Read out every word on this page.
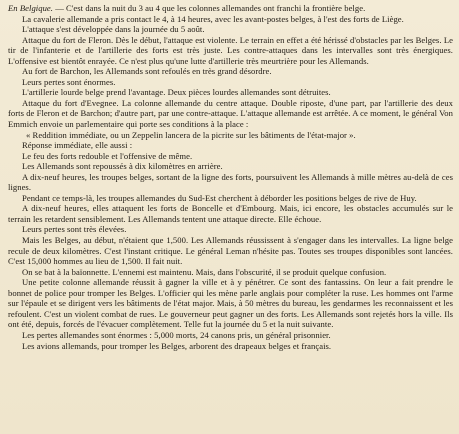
En Belgique. — C'est dans la nuit du 3 au 4 que les colonnes allemandes ont franchi la frontière belge.

La cavalerie allemande a pris contact le 4, à 14 heures, avec les avant-postes belges, à l'est des forts de Liège.

L'attaque s'est développée dans la journée du 5 août.

Attaque du fort de Fleron. Dès le début, l'attaque est violente. Le terrain en effet a été hérissé d'obstacles par les Belges. Le tir de l'infanterie et de l'artillerie des forts est très juste. Les contre-attaques dans les intervalles sont très énergiques. L'offensive est bientôt enrayée. Ce n'est plus qu'une lutte d'artillerie très meurtrière pour les Allemands.

Au fort de Barchon, les Allemands sont refoulés en très grand désordre.

Leurs pertes sont énormes.

L'artillerie lourde belge prend l'avantage. Deux pièces lourdes allemandes sont détruites.

Attaque du fort d'Evegnee. La colonne allemande du centre attaque. Double riposte, d'une part, par l'artillerie des deux forts de Fleron et de Barchon; d'autre part, par une contre-attaque. L'attaque allemande est arrêtée. A ce moment, le général Von Emmich envoie un parlementaire qui porte ses conditions à la place :

« Reddition immédiate, ou un Zeppelin lancera de la picrite sur les bâtiments de l'état-major ».

Réponse immédiate, elle aussi :

Le feu des forts redouble et l'offensive de même.

Les Allemands sont repoussés à dix kilomètres en arrière.

A dix-neuf heures, les troupes belges, sortant de la ligne des forts, poursuivent les Allemands à mille mètres au-delà de ces lignes.

Pendant ce temps-là, les troupes allemandes du Sud-Est cherchent à déborder les positions belges de rive de Huy.

A dix-neuf heures, elles attaquent les forts de Boncelle et d'Embourg. Mais, ici encore, les obstacles accumulés sur le terrain les retardent sensiblement. Les Allemands tentent une attaque directe. Elle échoue.

Leurs pertes sont très élevées.

Mais les Belges, au début, n'étaient que 1,500. Les Allemands réussissent à s'engager dans les intervalles. La ligne belge recule de deux kilomètres. C'est l'instant critique. Le général Leman n'hésite pas. Toutes ses troupes disponibles sont lancées. C'est 15,000 hommes au lieu de 1,500. Il fait nuit.

On se bat à la baïonnette. L'ennemi est maintenu. Mais, dans l'obscurité, il se produit quelque confusion.

Une petite colonne allemande réussit à gagner la ville et à y pénétrer. Ce sont des fantassins. On leur a fait prendre le bonnet de police pour tromper les Belges. L'officier qui les mène parle anglais pour compléter la ruse. Les hommes ont l'arme sur l'épaule et se dirigent vers les bâtiments de l'état major. Mais, à 50 mètres du bureau, les gendarmes les reconnaissent et les refoulent. C'est un violent combat de rues. Le gouverneur peut gagner un des forts. Les Allemands sont rejetés hors la ville. Ils ont été, depuis, forcés de l'évacuer complètement. Telle fut la journée du 5 et la nuit suivante.

Les pertes allemandes sont énormes : 5,000 morts, 24 canons pris, un général prisonnier.

Les avions allemands, pour tromper les Belges, arborent des drapeaux belges et français.
